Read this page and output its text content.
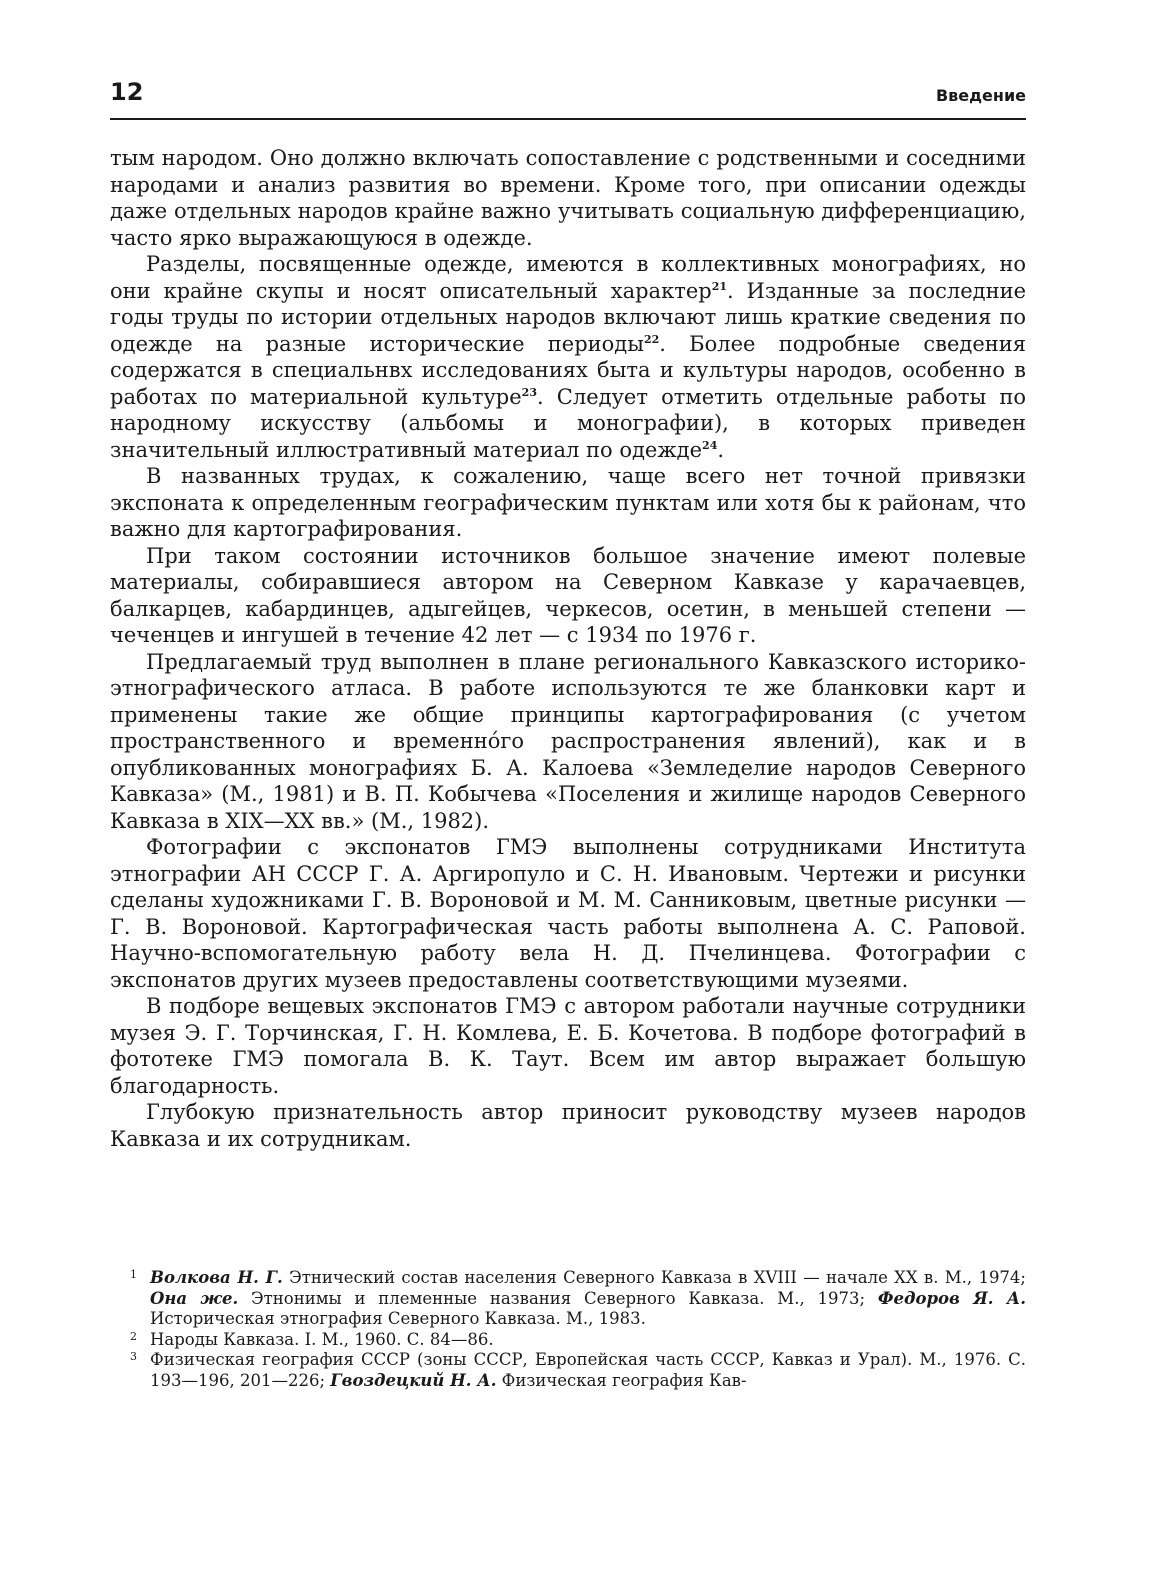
12	Введение

тым народом. Оно должно включать сопоставление с родственными и соседними народами и анализ развития во времени. Кроме того, при описании одежды даже отдельных народов крайне важно учитывать социальную дифференциацию, часто ярко выражающуюся в одежде.

Разделы, посвященные одежде, имеются в коллективных монографиях, но они крайне скупы и носят описательный характер$^{21}$. Изданные за последние годы труды по истории отдельных народов включают лишь краткие сведения по одежде на разные исторические периоды$^{22}$. Более подробные сведения содержатся в специальнвх исследованиях быта и культуры народов, особенно в работах по материальной культуре$^{23}$. Следует отметить отдельные работы по народному искусству (альбомы и монографии), в которых приведен значительный иллюстративный материал по одежде$^{24}$.

В названных трудах, к сожалению, чаще всего нет точной привязки экспоната к определенным географическим пунктам или хотя бы к районам, что важно для картографирования.

При таком состоянии источников большое значение имеют полевые материалы, собиравшиеся автором на Северном Кавказе у карачаевцев, балкарцев, кабардинцев, адыгейцев, черкесов, осетин, в меньшей степени — чеченцев и ингушей в течение 42 лет — с 1934 по 1976 г.

Предлагаемый труд выполнен в плане регионального Кавказского историко-этнографического атласа. В работе используются те же бланковки карт и применены такие же общие принципы картографирования (с учетом пространственного и временнóго распространения явлений), как и в опубликованных монографиях Б. А. Калоева «Земледелие народов Северного Кавказа» (М., 1981) и В. П. Кобычева «Поселения и жилище народов Северного Кавказа в XIX—XX вв.» (М., 1982).

Фотографии с экспонатов ГМЭ выполнены сотрудниками Института этнографии АН СССР Г. А. Аргиропуло и С. Н. Ивановым. Чертежи и рисунки сделаны художниками Г. В. Вороновой и М. М. Санниковым, цветные рисунки — Г. В. Вороновой. Картографическая часть работы выполнена А. С. Раповой. Научно-вспомогательную работу вела Н. Д. Пчелинцева. Фотографии с экспонатов других музеев предоставлены соответствующими музеями.

В подборе вещевых экспонатов ГМЭ с автором работали научные сотрудники музея Э. Г. Торчинская, Г. Н. Комлева, Е. Б. Кочетова. В подборе фотографий в фототеке ГМЭ помогала В. К. Таут. Всем им автор выражает большую благодарность.

Глубокую признательность автор приносит руководству музеев народов Кавказа и их сотрудникам.

1 Волкова Н. Г. Этнический состав населения Северного Кавказа в XVIII — начале XX в. М., 1974; Она же. Этнонимы и племенные названия Северного Кавказа. М., 1973; Федоров Я. А. Историческая этнография Северного Кавказа. М., 1983.

2 Народы Кавказа. I. М., 1960. С. 84—86.

3 Физическая география СССР (зоны СССР, Европейская часть СССР, Кавказ и Урал). М., 1976. С. 193—196, 201—226; Гвоздецкий Н. А. Физическая география Кав-
